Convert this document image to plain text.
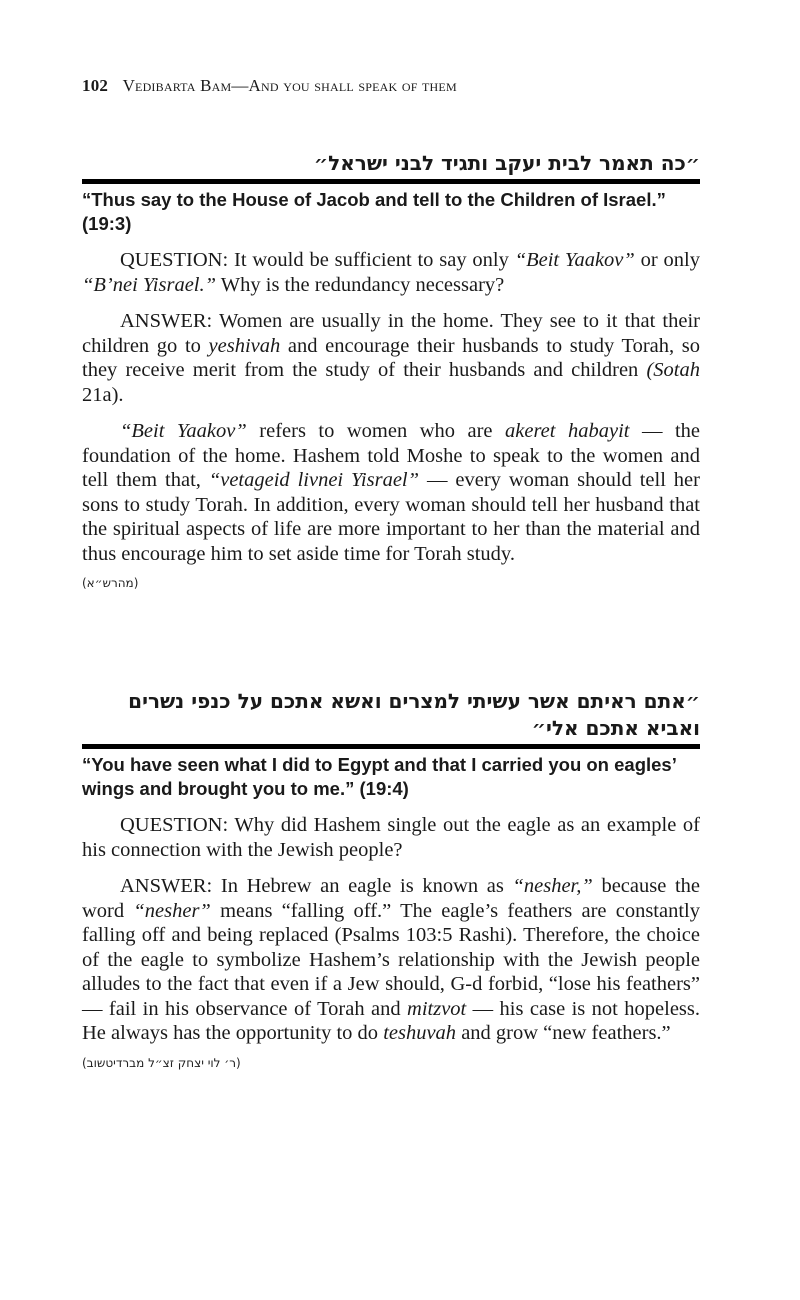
102 Vedibarta Bam—And you shall speak of them
״כה תאמר לבית יעקב ותגיד לבני ישראל״
“Thus say to the House of Jacob and tell to the Children of Israel.” (19:3)

QUESTION: It would be sufficient to say only “Beit Yaakov” or only “B’nei Yisrael.” Why is the redundancy necessary?

ANSWER: Women are usually in the home. They see to it that their children go to yeshivah and encourage their husbands to study Torah, so they receive merit from the study of their husbands and children (Sotah 21a).

“Beit Yaakov” refers to women who are akeret habayit — the foundation of the home. Hashem told Moshe to speak to the women and tell them that, “vetageid livnei Yisrael” — every woman should tell her sons to study Torah. In addition, every woman should tell her husband that the spiritual aspects of life are more important to her than the material and thus encourage him to set aside time for Torah study.

(מהרש״א)
״אתם ראיתם אשר עשיתי למצרים ואשא אתכם על כנפי נשרים ואביא אתכם אלי״
“You have seen what I did to Egypt and that I carried you on eagles’ wings and brought you to me.” (19:4)

QUESTION: Why did Hashem single out the eagle as an example of his connection with the Jewish people?

ANSWER: In Hebrew an eagle is known as “nesher,” because the word “nesher” means “falling off.” The eagle’s feathers are constantly falling off and being replaced (Psalms 103:5 Rashi). Therefore, the choice of the eagle to symbolize Hashem’s relationship with the Jewish people alludes to the fact that even if a Jew should, G-d forbid, “lose his feathers” — fail in his observance of Torah and mitzvot — his case is not hopeless. He always has the opportunity to do teshuvah and grow “new feathers.”

(ר׳ לוי יצחק זצ״ל מברדיטשוב)
